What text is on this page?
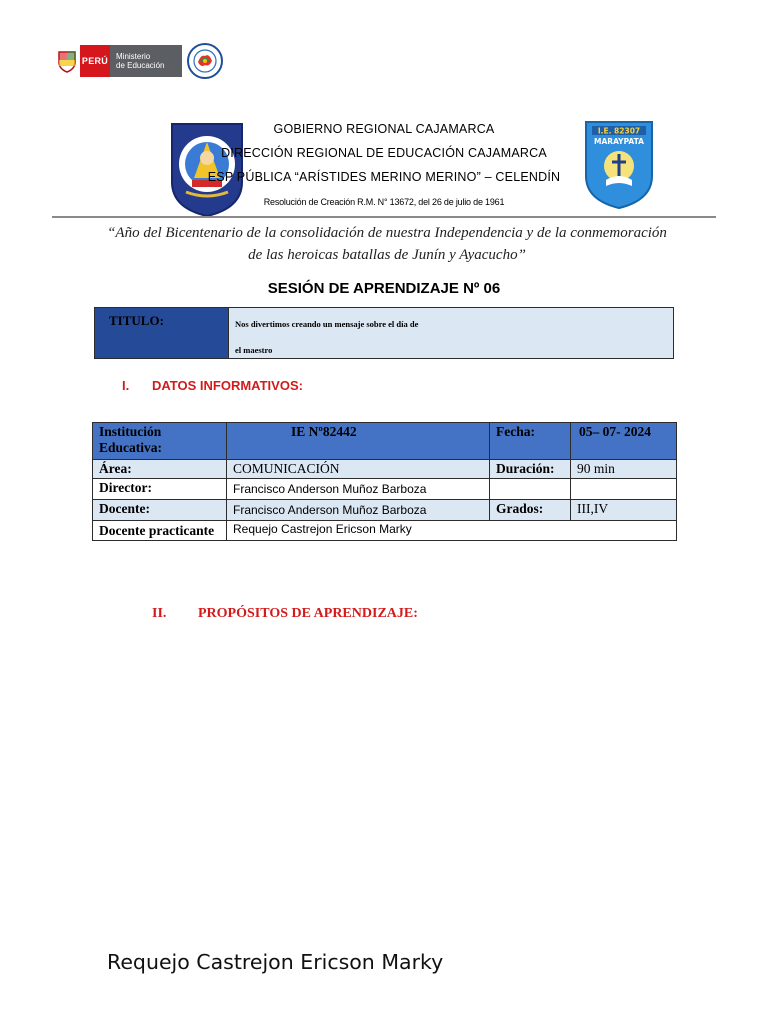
PERÚ Ministerio
de Educación
I.E. 82307
MARAYPATA
GOBIERNO REGIONAL CAJAMARCA
DIRECCIÓN REGIONAL DE EDUCACIÓN CAJAMARCA
ESP PÚBLICA “ARÍSTIDES MERINO MERINO” – CELENDÍN
Resolución de Creación R.M. N° 13672, del 26 de julio de 1961
“Año del Bicentenario de la consolidación de nuestra Independencia y de la conmemoración
de las heroicas batallas de Junín y Ayacucho”
SESIÓN DE APRENDIZAJE Nº 06
TITULO:	Nos divertimos creando un mensaje sobre el día de
el maestro
I. DATOS INFORMATIVOS:
Institución Educativa:	IE Nº82442	Fecha:	05– 07- 2024
Área:	COMUNICACIÓN	Duración:	90 min
Director:	Francisco Anderson Muñoz Barboza		
Docente:	Francisco Anderson Muñoz Barboza	Grados:	III,IV
Docente practicante	Requejo Castrejon Ericson Marky		
II. PROPÓSITOS DE APRENDIZAJE:
Requejo Castrejon Ericson Marky
